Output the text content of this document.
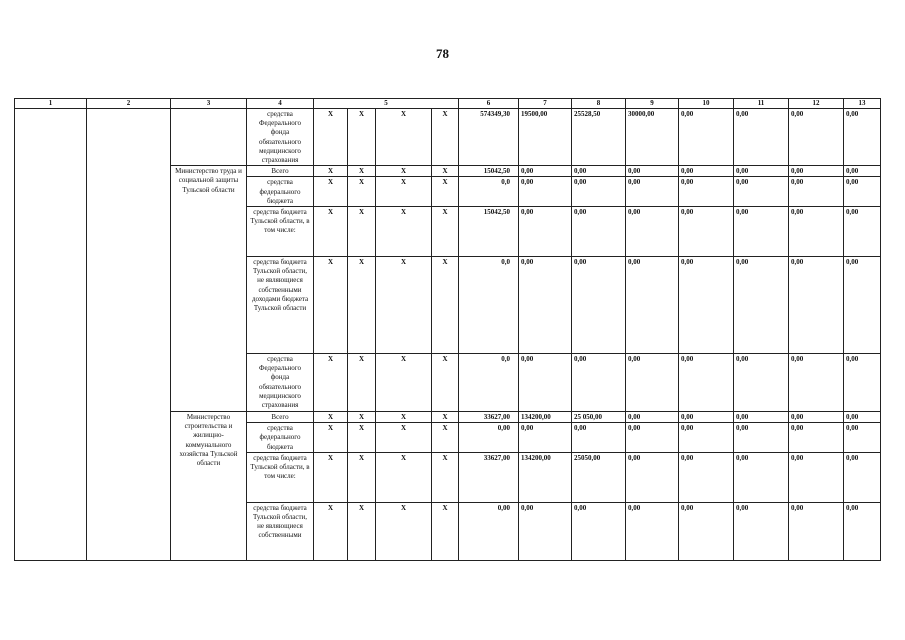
78
1	2	3	4	5				6	7	8	9	10	11	12	13
			средства Федерального фонда обязательного медицинского страхования	Х	Х	Х	Х	574349,30	19500,00	25528,50	30000,00	0,00	0,00	0,00	0,00
		Министерство труда и социальной защиты Тульской области	Всего	Х	Х	Х	Х	15042,50	0,00	0,00	0,00	0,00	0,00	0,00	0,00
			средства федерального бюджета	Х	Х	Х	Х	0,0	0,00	0,00	0,00	0,00	0,00	0,00	0,00
			средства бюджета Тульской области, в том числе:	Х	Х	Х	Х	15042,50	0,00	0,00	0,00	0,00	0,00	0,00	0,00
			средства бюджета Тульской области, не являющиеся собственными доходами бюджета Тульской области	Х	Х	Х	Х	0,0	0,00	0,00	0,00	0,00	0,00	0,00	0,00
			средства Федерального фонда обязательного медицинского страхования	Х	Х	Х	Х	0,0	0,00	0,00	0,00	0,00	0,00	0,00	0,00
		Министерство строительства и жилищно-коммунального хозяйства Тульской области	Всего	Х	Х	Х	Х	33627,00	134200,00	25 050,00	0,00	0,00	0,00	0,00	0,00
			средства федерального бюджета	Х	Х	Х	Х	0,00	0,00	0,00	0,00	0,00	0,00	0,00	0,00
			средства бюджета Тульской области, в том числе:	Х	Х	Х	Х	33627,00	134200,00	25050,00	0,00	0,00	0,00	0,00	0,00
			средства бюджета Тульской области, не являющиеся собственными	Х	Х	Х	Х	0,00	0,00	0,00	0,00	0,00	0,00	0,00	0,00
